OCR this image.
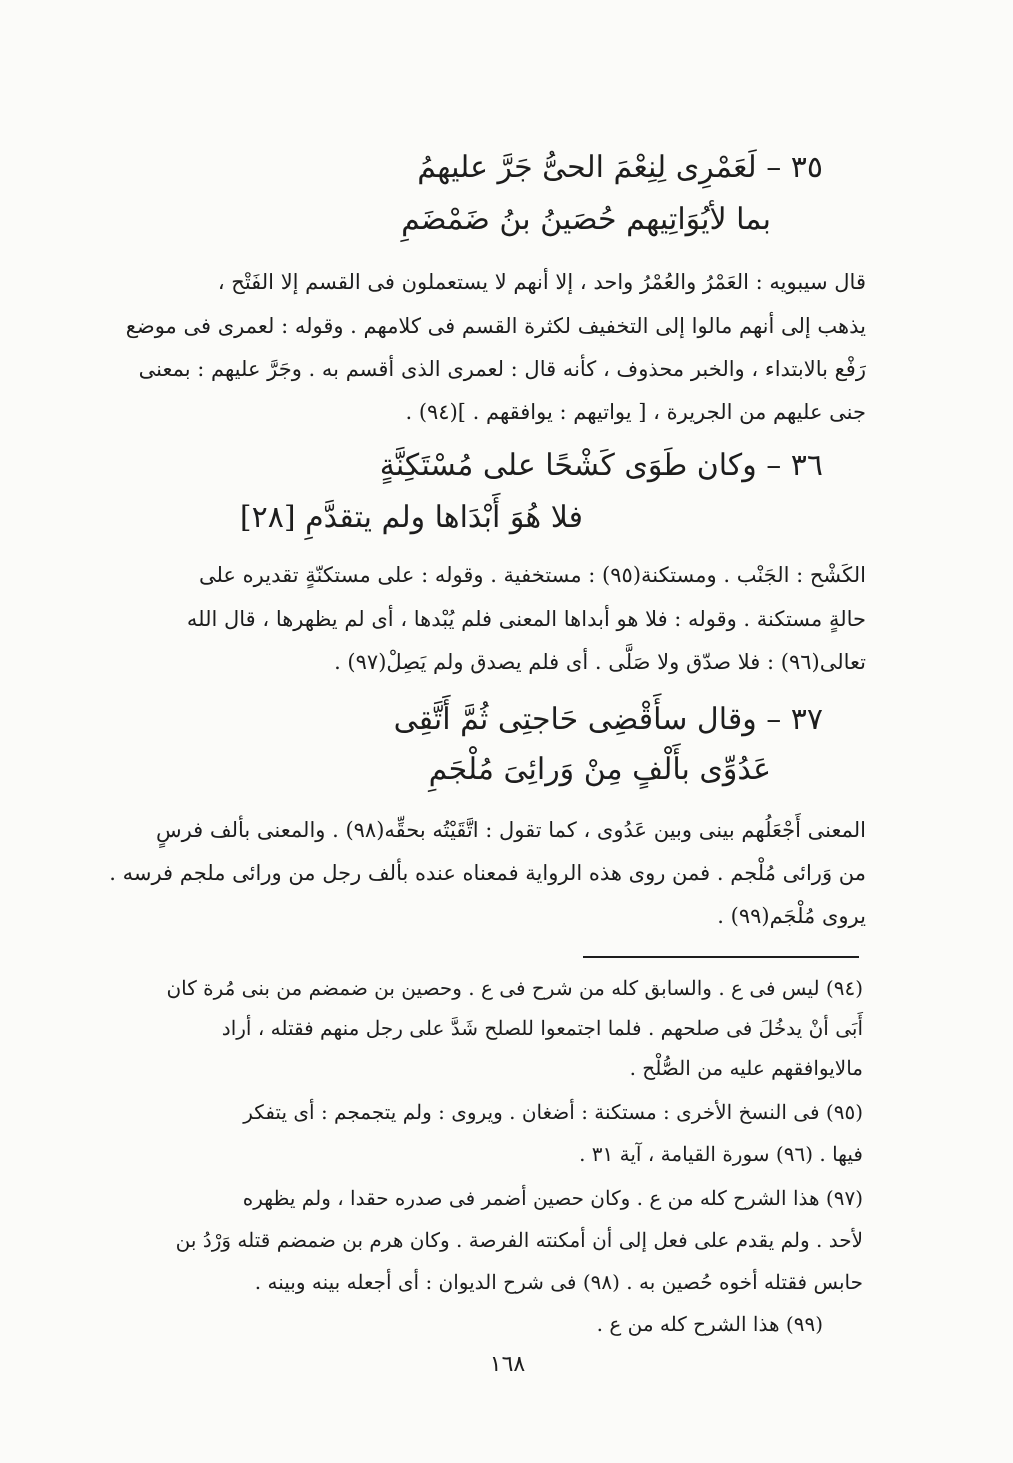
٣٥ – لَعَمْرِى لِنِعْمَ الحىُّ جَرَّ عليهمُ
بما لأيُوَاتِيهم حُصَينُ بنُ ضَمْضَمِ
قال سيبويه : العَمْرُ والعُمْرُ واحد ، إلا أنهم لا يستعملون فى القسم إلا الفَتْح ،
يذهب إلى أنهم مالوا إلى التخفيف لكثرة القسم فى كلامهم . وقوله : لعمرى فى موضع
رَفْع بالابتداء ، والخبر محذوف ، كأنه قال : لعمرى الذى أقسم به . وجَرَّ عليهم : بمعنى
جنى عليهم من الجريرة ، [ يواتيهم : يوافقهم . ](٩٤) .
٣٦ – وكان طَوَى كَشْحًا على مُسْتَكِنَّةٍ
فلا هُوَ أَبْدَاها ولم يتقدَّمِ [٢٨]
الكَشْح : الجَنْب . ومستكنة(٩٥) : مستخفية . وقوله : على مستكنّةٍ تقديره على
حالةٍ مستكنة . وقوله : فلا هو أبداها المعنى فلم يُبْدها ، أى لم يظهرها ، قال الله
تعالى(٩٦) : فلا صدّق ولا صَلَّى . أى فلم يصدق ولم يَصِلْ(٩٧) .
٣٧ – وقال سأَقْضِى حَاجتِى ثُمَّ أَتَّقِى
عَدُوِّى بأَلْفٍ مِنْ وَرائِىَ مُلْجَمِ
المعنى أَجْعَلُهم بينى وبين عَدُوى ، كما تقول : اتَّقَيْتُه بحقِّه(٩٨) . والمعنى بألف فرسٍ
من وَرائى مُلْجم . فمن روى هذه الرواية فمعناه عنده بألف رجل من ورائى ملجم فرسه .
يروى مُلْجَم(٩٩) .
(٩٤) ليس فى ع . والسابق كله من شرح فى ع . وحصين بن ضمضم من بنى مُرة كان
أَبَى أنْ يدخُلَ فى صلحهم . فلما اجتمعوا للصلح شَدَّ على رجل منهم فقتله ، أراد
مالايوافقهم عليه من الصُّلْح .
(٩٥) فى النسخ الأخرى : مستكنة : أضغان . ويروى : ولم يتجمجم : أى يتفكر
فيها . (٩٦) سورة القيامة ، آية ٣١ .
(٩٧) هذا الشرح كله من ع . وكان حصين أضمر فى صدره حقدا ، ولم يظهره
لأحد . ولم يقدم على فعل إلى أن أمكنته الفرصة . وكان هرم بن ضمضم قتله وَرْدُ بن
حابس فقتله أخوه حُصين به . (٩٨) فى شرح الديوان : أى أجعله بينه وبينه .
(٩٩) هذا الشرح كله من ع .
١٦٨
